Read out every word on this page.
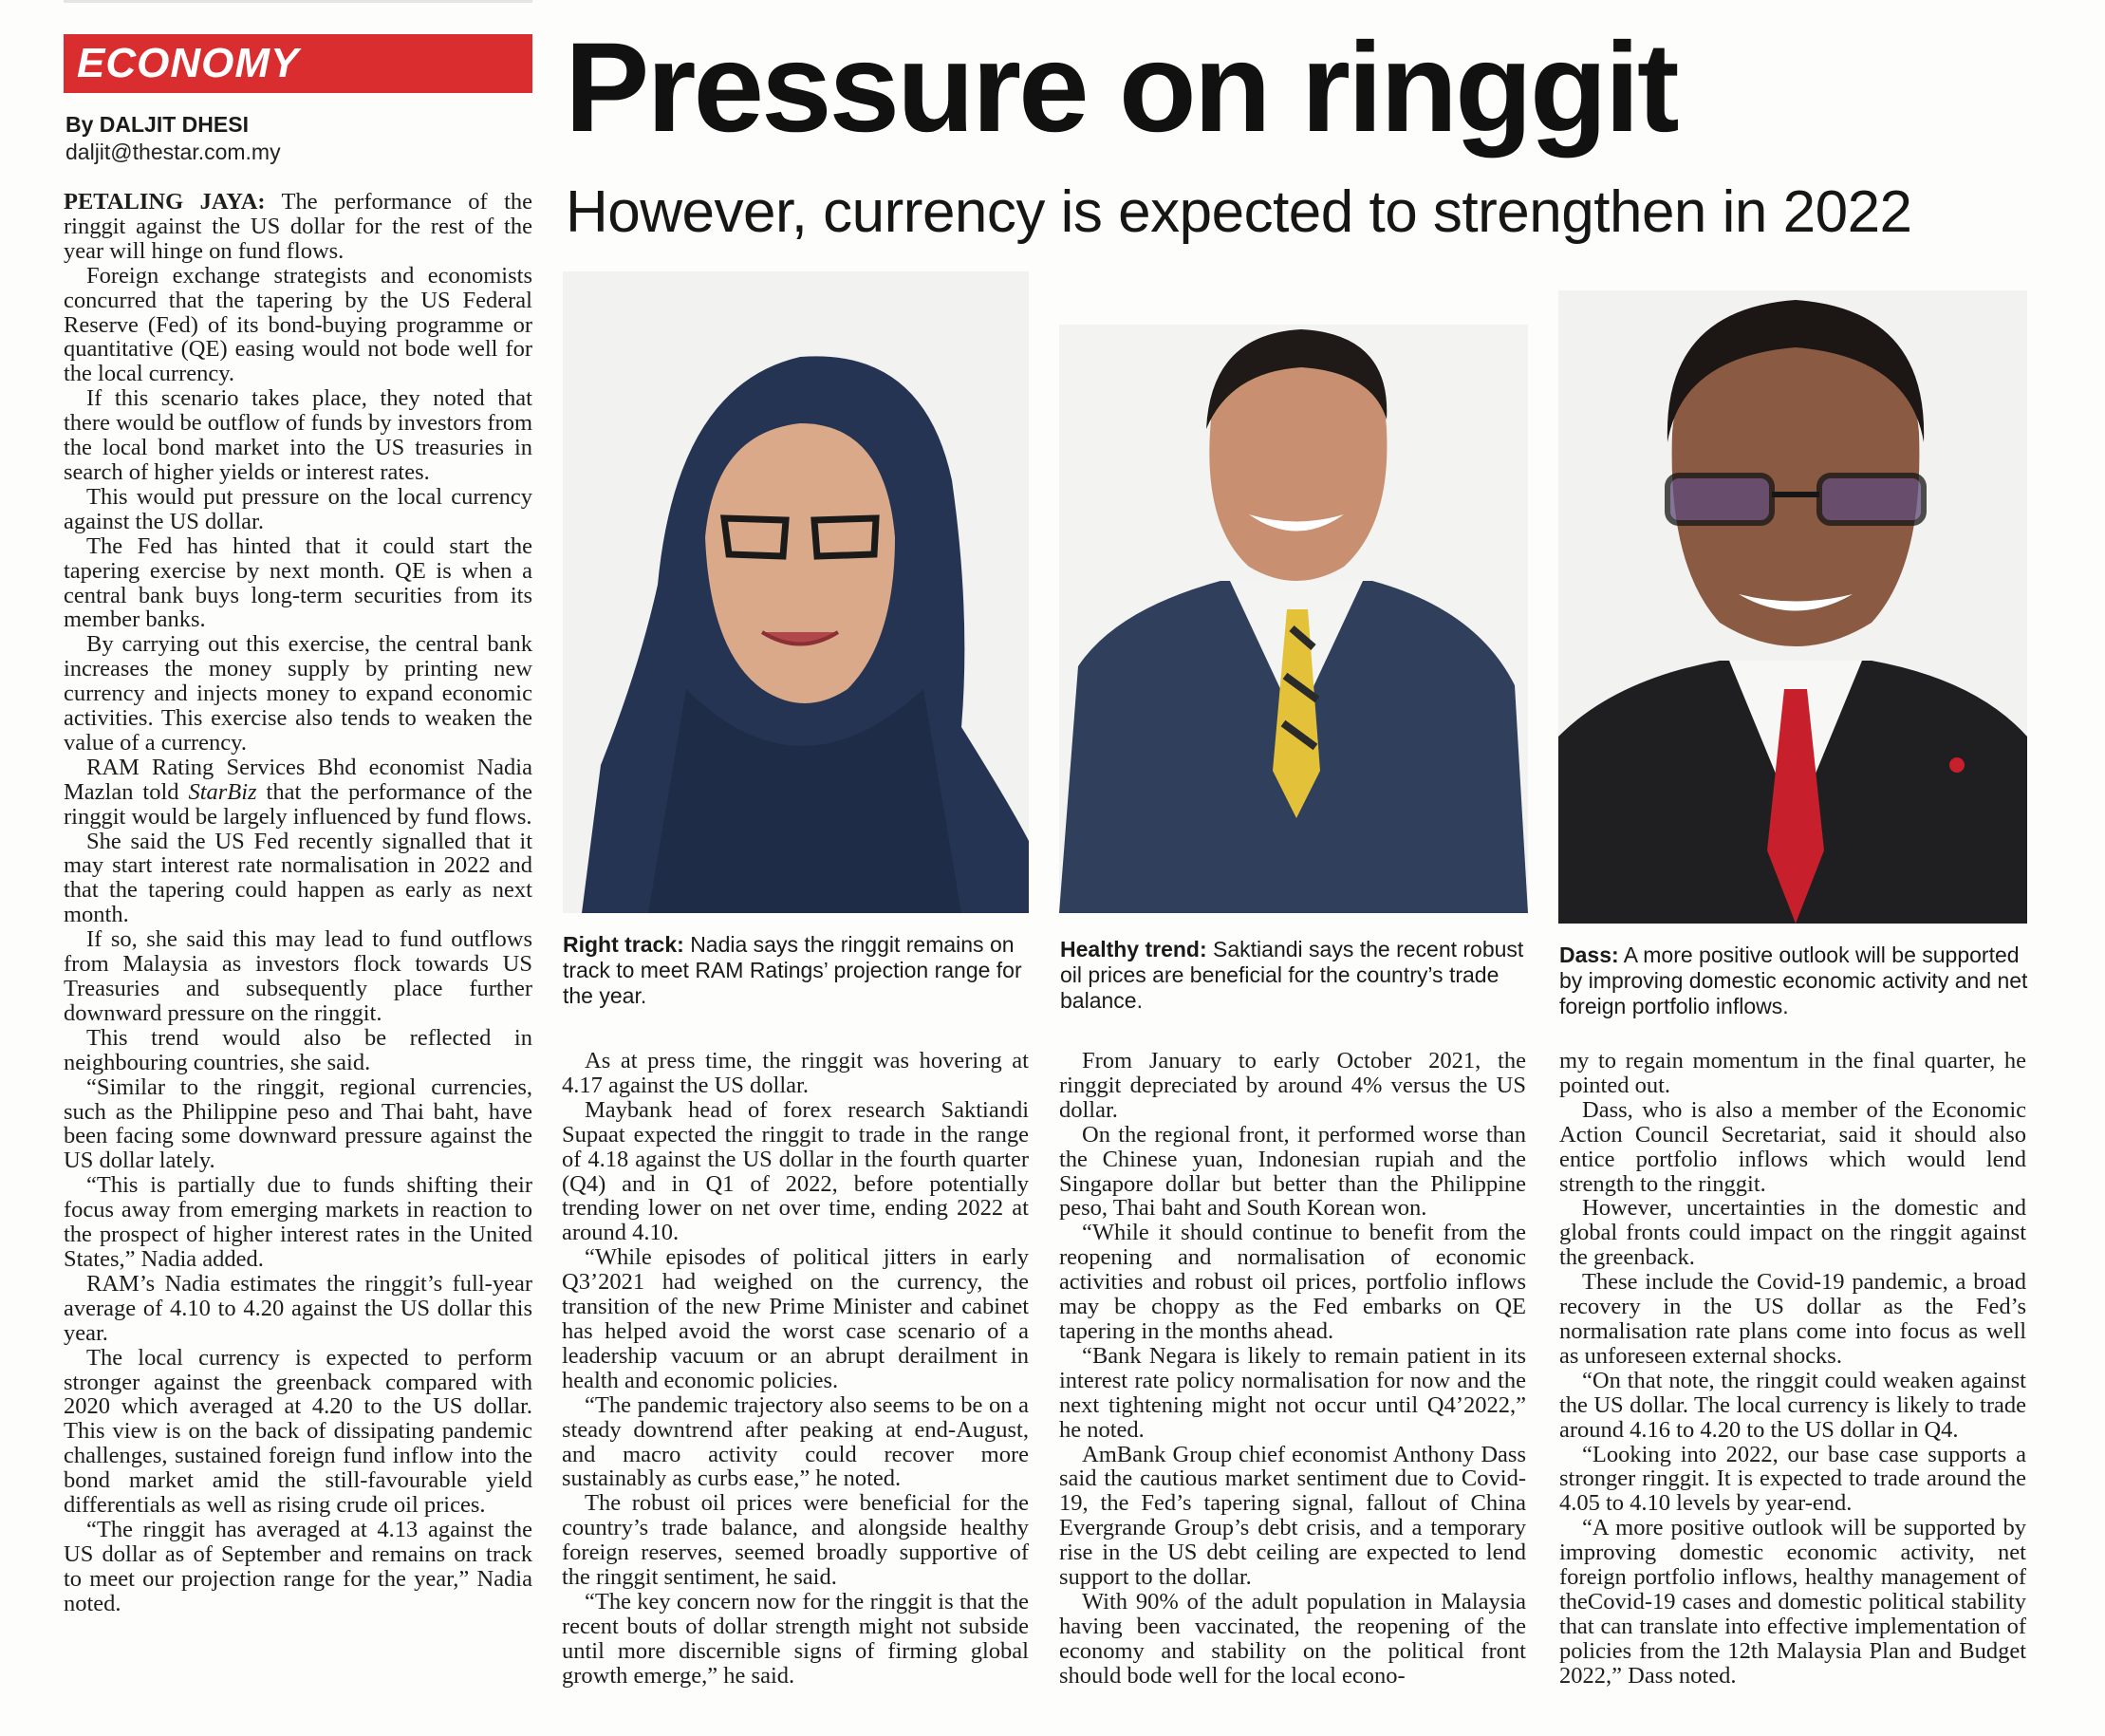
ECONOMY
By DALJIT DHESI
daljit@thestar.com.my Pressure on ringgit
However, currency is expected to strengthen in 2022

PETALING JAYA: The performance of the ringgit against the US dollar for the rest of the year will hinge on fund flows.

Foreign exchange strategists and economists concurred that the tapering by the US Federal Reserve (Fed) of its bond-buying programme or quantitative (QE) easing would not bode well for the local currency.

If this scenario takes place, they noted that there would be outflow of funds by investors from the local bond market into the US treasuries in search of higher yields or interest rates.

This would put pressure on the local currency against the US dollar.

The Fed has hinted that it could start the tapering exercise by next month. QE is when a central bank buys long-term securities from its member banks.

By carrying out this exercise, the central bank increases the money supply by printing new currency and injects money to expand economic activities. This exercise also tends to weaken the value of a currency.

RAM Rating Services Bhd economist Nadia Mazlan told StarBiz that the performance of the ringgit would be largely influenced by fund flows.

She said the US Fed recently signalled that it may start interest rate normalisation in 2022 and that the tapering could happen as early as next month.

If so, she said this may lead to fund outflows from Malaysia as investors flock towards US Treasuries and subsequently place further downward pressure on the ringgit.

This trend would also be reflected in neighbouring countries, she said.

“Similar to the ringgit, regional currencies, such as the Philippine peso and Thai baht, have been facing some downward pressure against the US dollar lately.

“This is partially due to funds shifting their focus away from emerging markets in reaction to the prospect of higher interest rates in the United States,” Nadia added.

RAM’s Nadia estimates the ringgit’s full-year average of 4.10 to 4.20 against the US dollar this year.

The local currency is expected to perform stronger against the greenback compared with 2020 which averaged at 4.20 to the US dollar. This view is on the back of dissipating pandemic challenges, sustained foreign fund inflow into the bond market amid the still-favourable yield differentials as well as rising crude oil prices.

“The ringgit has averaged at 4.13 against the US dollar as of September and remains on track to meet our projection range for the year,” Nadia noted.

Right track: Nadia says the ringgit remains on track to meet RAM Ratings’ projection range for the year.
Healthy trend: Saktiandi says the recent robust oil prices are beneficial for the country’s trade balance.
Dass: A more positive outlook will be supported by improving domestic economic activity and net foreign portfolio inflows.

As at press time, the ringgit was hovering at 4.17 against the US dollar.

Maybank head of forex research Saktiandi Supaat expected the ringgit to trade in the range of 4.18 against the US dollar in the fourth quarter (Q4) and in Q1 of 2022, before potentially trending lower on net over time, ending 2022 at around 4.10.

“While episodes of political jitters in early Q3’2021 had weighed on the currency, the transition of the new Prime Minister and cabinet has helped avoid the worst case scenario of a leadership vacuum or an abrupt derailment in health and economic policies.

“The pandemic trajectory also seems to be on a steady downtrend after peaking at end-August, and macro activity could recover more sustainably as curbs ease,” he noted.

The robust oil prices were beneficial for the country’s trade balance, and alongside healthy foreign reserves, seemed broadly supportive of the ringgit sentiment, he said.

“The key concern now for the ringgit is that the recent bouts of dollar strength might not subside until more discernible signs of firming global growth emerge,” he said.

From January to early October 2021, the ringgit depreciated by around 4% versus the US dollar.

On the regional front, it performed worse than the Chinese yuan, Indonesian rupiah and the Singapore dollar but better than the Philippine peso, Thai baht and South Korean won.

“While it should continue to benefit from the reopening and normalisation of economic activities and robust oil prices, portfolio inflows may be choppy as the Fed embarks on QE tapering in the months ahead.

“Bank Negara is likely to remain patient in its interest rate policy normalisation for now and the next tightening might not occur until Q4’2022,” he noted.

AmBank Group chief economist Anthony Dass said the cautious market sentiment due to Covid-19, the Fed’s tapering signal, fallout of China Evergrande Group’s debt crisis, and a temporary rise in the US debt ceiling are expected to lend support to the dollar.

With 90% of the adult population in Malaysia having been vaccinated, the reopening of the economy and stability on the political front should bode well for the local econo-

my to regain momentum in the final quarter, he pointed out.

Dass, who is also a member of the Economic Action Council Secretariat, said it should also entice portfolio inflows which would lend strength to the ringgit.

However, uncertainties in the domestic and global fronts could impact on the ringgit against the greenback.

These include the Covid-19 pandemic, a broad recovery in the US dollar as the Fed’s normalisation rate plans come into focus as well as unforeseen external shocks.

“On that note, the ringgit could weaken against the US dollar. The local currency is likely to trade around 4.16 to 4.20 to the US dollar in Q4.

“Looking into 2022, our base case supports a stronger ringgit. It is expected to trade around the 4.05 to 4.10 levels by year-end.

“A more positive outlook will be supported by improving domestic economic activity, net foreign portfolio inflows, healthy management of theCovid-19 cases and domestic political stability that can translate into effective implementation of policies from the 12th Malaysia Plan and Budget 2022,” Dass noted.
